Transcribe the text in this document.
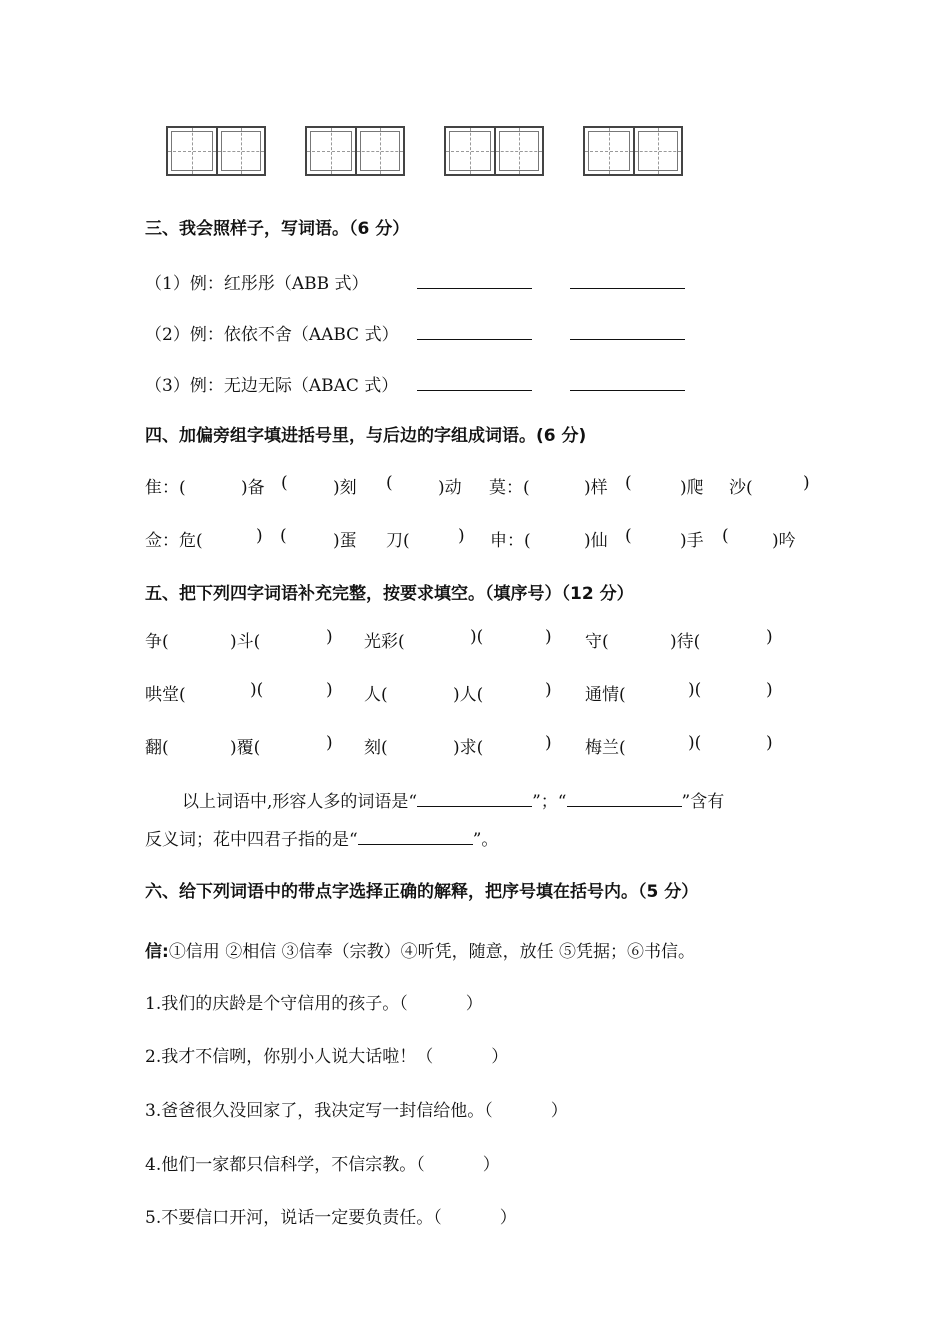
三、我会照样子，写词语。（6 分）
（1）例：红彤彤（ABB 式）
（2）例：依依不舍（AABC 式）
（3）例：无边无际（ABAC 式）
四、加偏旁组字填进括号里，与后边的字组成词语。(6 分)
隹：(	)备 (	)刻 (	)动 莫：(	)样 (	)爬 沙(	)
佥：危(	) (	)蛋 刀(	) 申：(	)仙 (	)手 (	)吟
五、把下列四字词语补充完整，按要求填空。（填序号）（12 分）
争(	)斗(	) 光彩(	)(	) 守(	)待(	)
哄堂(	)(	) 人(	)人(	) 通情(	)(	)
翻(	)覆(	) 刻(	)求(	) 梅兰(	)(	)
以上词语中,形容人多的词语是“	”；“	”含有
反义词；花中四君子指的是“	”。
六、给下列词语中的带点字选择正确的解释，把序号填在括号内。（5 分）
信:①信用 ②相信 ③信奉（宗教）④听凭，随意，放任 ⑤凭据；⑥书信。
1.我们的庆龄是个守信用的孩子。（	）
2.我才不信咧，你别小人说大话啦！（	）
3.爸爸很久没回家了，我决定写一封信给他。（	）
4.他们一家都只信科学，不信宗教。（	）
5.不要信口开河，说话一定要负责任。（	）
